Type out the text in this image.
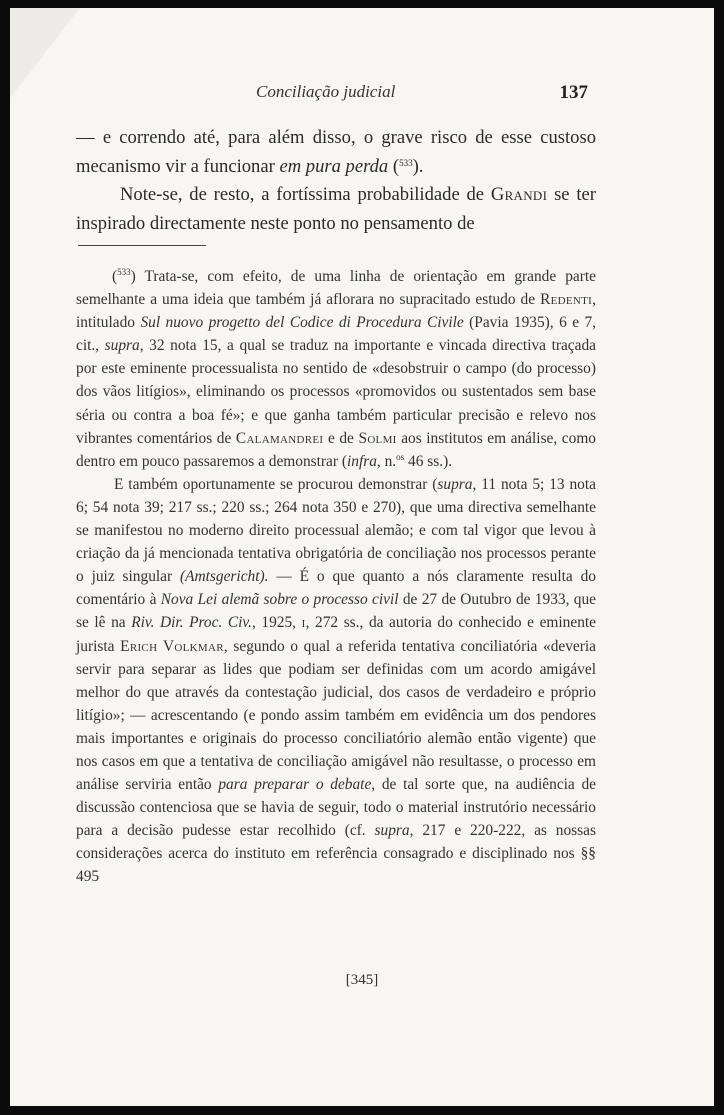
Conciliação judicial	137

— e correndo até, para além disso, o grave risco de esse custoso mecanismo vir a funcionar em pura perda ($^{533}$).

Note-se, de resto, a fortíssima probabilidade de Grandi se ter inspirado directamente neste ponto no pensamento de

($^{533}$) Trata-se, com efeito, de uma linha de orientação em grande parte semelhante a uma ideia que também já aflorara no supracitado estudo de Redenti, intitulado Sul nuovo progetto del Codice di Procedura Civile (Pavia 1935), 6 e 7, cit., supra, 32 nota 15, a qual se traduz na importante e vincada directiva traçada por este eminente processualista no sentido de «desobstruir o campo (do processo) dos vãos litígios», eliminando os processos «promovidos ou sustentados sem base séria ou contra a boa fé»; e que ganha também particular precisão e relevo nos vibrantes comentários de Calamandrei e de Solmi aos institutos em análise, como dentro em pouco passaremos a demonstrar (infra, n.$^{os}$ 46 ss.).

E também oportunamente se procurou demonstrar (supra, 11 nota 5; 13 nota 6; 54 nota 39; 217 ss.; 220 ss.; 264 nota 350 e 270), que uma directiva semelhante se manifestou no moderno direito processual alemão; e com tal vigor que levou à criação da já mencionada tentativa obrigatória de conciliação nos processos perante o juiz singular (Amtsgericht). — É o que quanto a nós claramente resulta do comentário à Nova Lei alemã sobre o processo civil de 27 de Outubro de 1933, que se lê na Riv. Dir. Proc. Civ., 1925, i, 272 ss., da autoria do conhecido e eminente jurista Erich Volkmar, segundo o qual a referida tentativa conciliatória «deveria servir para separar as lides que podiam ser definidas com um acordo amigável melhor do que através da contestação judicial, dos casos de verdadeiro e próprio litígio»; — acrescentando (e pondo assim também em evidência um dos pendores mais importantes e originais do processo conciliatório alemão então vigente) que nos casos em que a tentativa de conciliação amigável não resultasse, o processo em análise serviria então para preparar o debate, de tal sorte que, na audiência de discussão contenciosa que se havia de seguir, todo o material instrutório necessário para a decisão pudesse estar recolhido (cf. supra, 217 e 220-222, as nossas considerações acerca do instituto em referência consagrado e disciplinado nos §§ 495

[345]
